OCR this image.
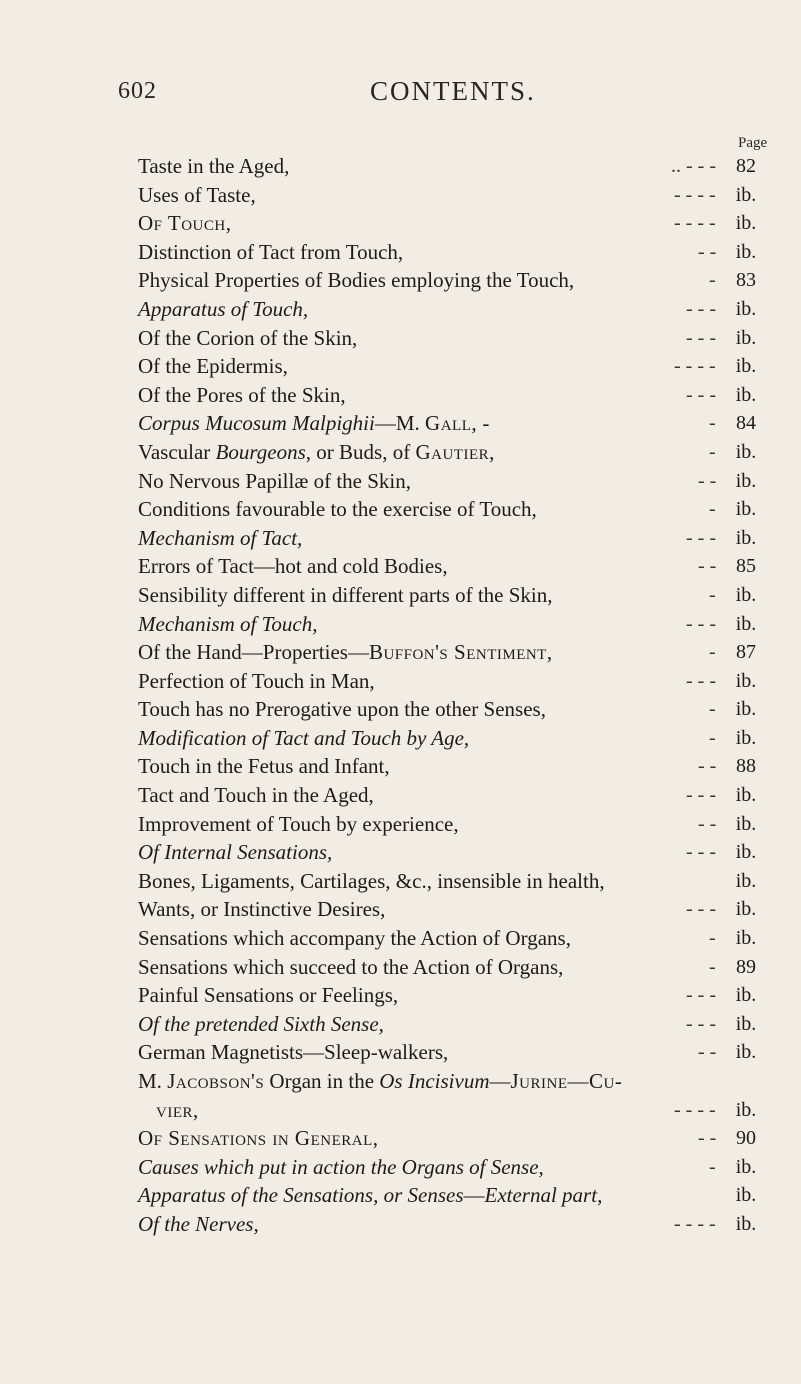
602	CONTENTS.
Page
Taste in the Aged,	.. - - -	82
Uses of Taste,	- - - -	ib.
Of Touch,	- - - -	ib.
Distinction of Tact from Touch,	- - ib.
Physical Properties of Bodies employing the Touch,	-	83
Apparatus of Touch,	- - - ib.
Of the Corion of the Skin,	- - - ib.
Of the Epidermis,	- - - -	ib.
Of the Pores of the Skin,	- - - ib.
Corpus Mucosum Malpighii—M. Gall, -	-	84
Vascular Bourgeons, or Buds, of Gautier,	-	ib.
No Nervous Papillæ of the Skin,	- - ib.
Conditions favourable to the exercise of Touch,	-	ib.
Mechanism of Tact,	- - - ib.
Errors of Tact—hot and cold Bodies,	- - 85
Sensibility different in different parts of the Skin,	-	ib.
Mechanism of Touch,	- - - ib.
Of the Hand—Properties—Buffon's Sentiment,	-	87
Perfection of Touch in Man,	- - - ib.
Touch has no Prerogative upon the other Senses,	-	ib.
Modification of Tact and Touch by Age,	-	ib.
Touch in the Fetus and Infant,	- - 88
Tact and Touch in the Aged,	- - - ib.
Improvement of Touch by experience,	- - ib.
Of Internal Sensations,	- - - ib.
Bones, Ligaments, Cartilages, &c., insensible in health,	ib.
Wants, or Instinctive Desires,	- - - ib.
Sensations which accompany the Action of Organs,	-	ib.
Sensations which succeed to the Action of Organs,	-	89
Painful Sensations or Feelings,	- - - ib.
Of the pretended Sixth Sense,	- - - ib.
German Magnetists—Sleep-walkers,	- - ib.
M. Jacobson's Organ in the Os Incisivum—Jurine—Cu-
vier,	- - - -	ib.
Of Sensations in General,	- - 90
Causes which put in action the Organs of Sense,	-	ib.
Apparatus of the Sensations, or Senses—External part,	ib.
Of the Nerves,	- - - -	ib.
